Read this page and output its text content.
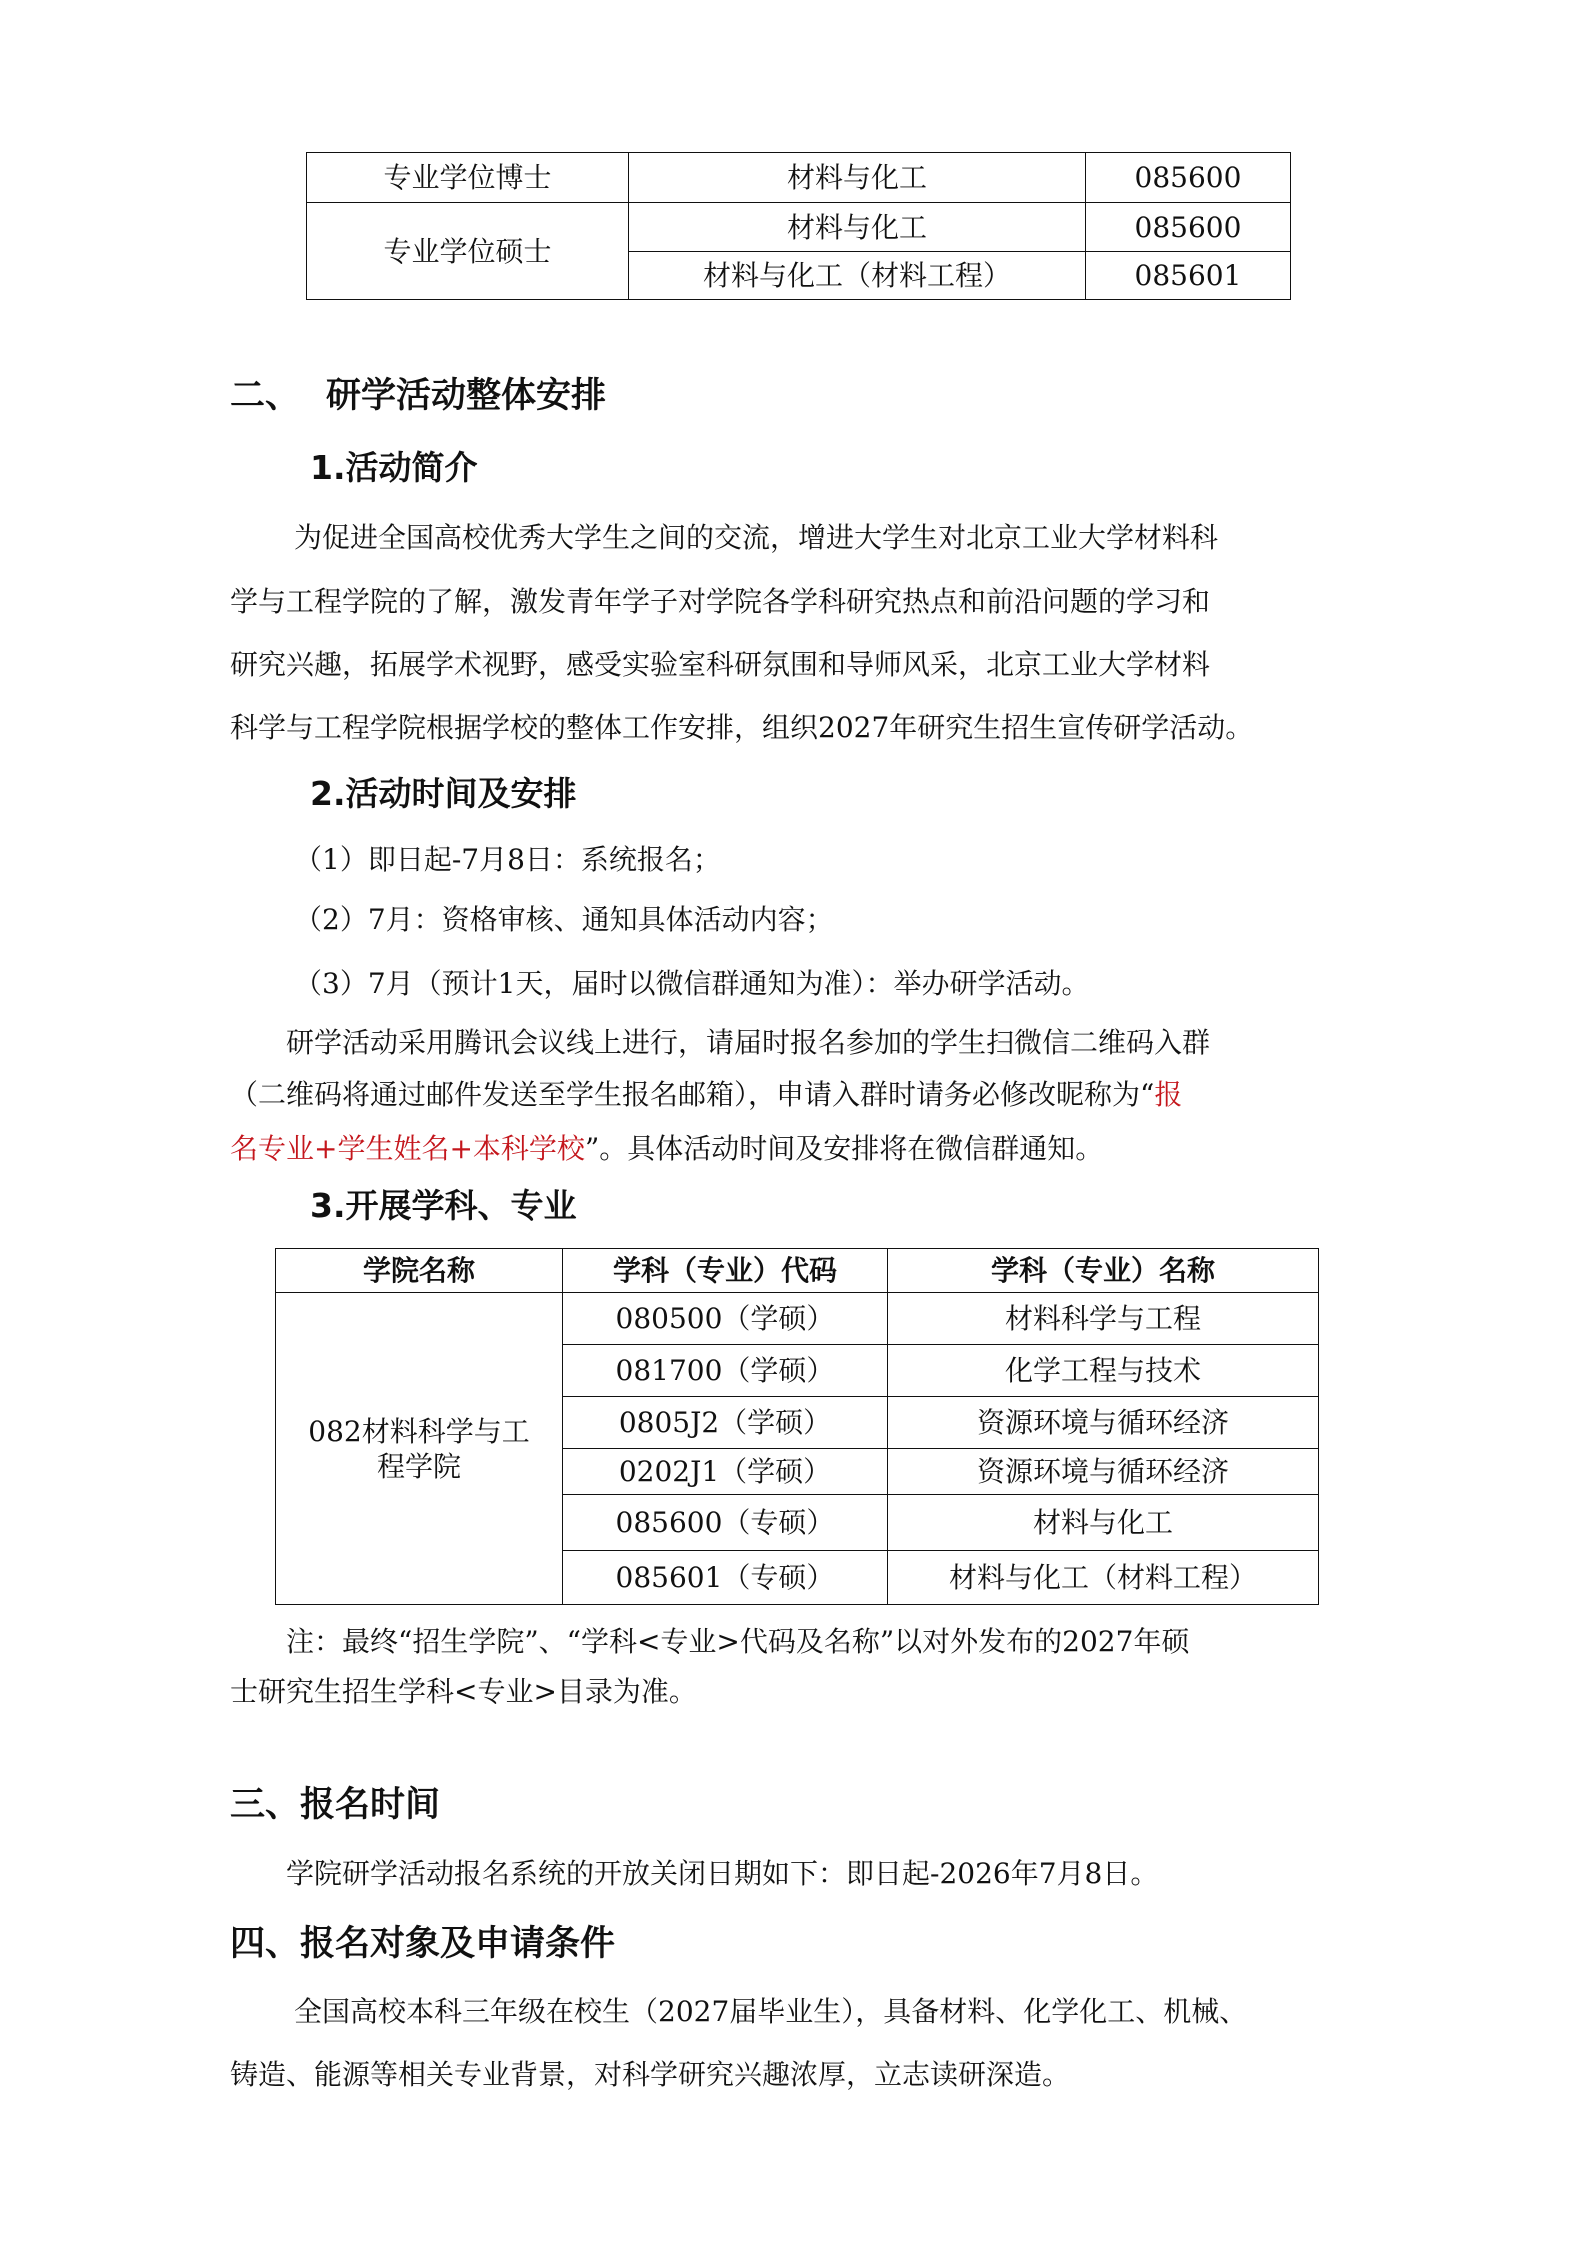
专业学位博士	材料与化工	085600
专业学位硕士	材料与化工	085600
	材料与化工（材料工程）	085601
二、 研学活动整体安排
1.活动简介
为促进全国高校优秀大学生之间的交流，增进大学生对北京工业大学材料科
学与工程学院的了解，激发青年学子对学院各学科研究热点和前沿问题的学习和
研究兴趣，拓展学术视野，感受实验室科研氛围和导师风采，北京工业大学材料
科学与工程学院根据学校的整体工作安排，组织2027年研究生招生宣传研学活动。
2.活动时间及安排
（1）即日起-7月8日：系统报名；
（2）7月：资格审核、通知具体活动内容；
（3）7月（预计1天，届时以微信群通知为准）：举办研学活动。
研学活动采用腾讯会议线上进行，请届时报名参加的学生扫微信二维码入群
（二维码将通过邮件发送至学生报名邮箱），申请入群时请务必修改昵称为“报
名专业+学生姓名+本科学校”。具体活动时间及安排将在微信群通知。
3.开展学科、专业
学院名称	学科（专业）代码	学科（专业）名称
082材料科学与工程学院	080500（学硕）	材料科学与工程
	081700（学硕）	化学工程与技术
	0805J2（学硕）	资源环境与循环经济
	0202J1（学硕）	资源环境与循环经济
	085600（专硕）	材料与化工
	085601（专硕）	材料与化工（材料工程）
注：最终“招生学院”、“学科<专业>代码及名称”以对外发布的2027年硕
士研究生招生学科<专业>目录为准。
三、报名时间
学院研学活动报名系统的开放关闭日期如下：即日起-2026年7月8日。
四、报名对象及申请条件
全国高校本科三年级在校生（2027届毕业生），具备材料、化学化工、机械、
铸造、能源等相关专业背景，对科学研究兴趣浓厚，立志读研深造。
